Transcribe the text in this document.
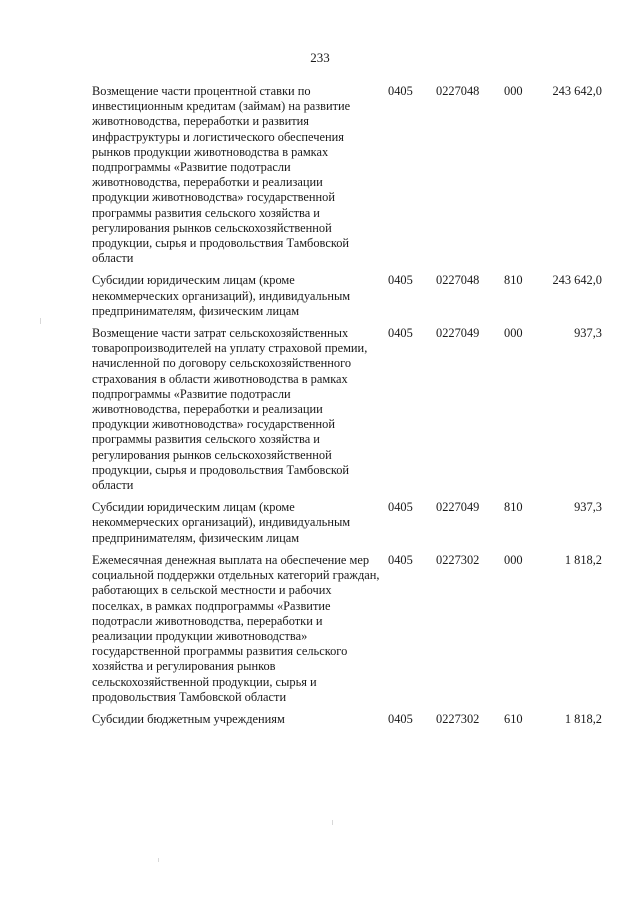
233
Возмещение части процентной ставки по инвестиционным кредитам (займам) на развитие животноводства, переработки и развития инфраструктуры и логистического обеспечения рынков продукции животноводства в рамках подпрограммы «Развитие подотрасли животноводства, переработки и реализации продукции животноводства» государственной программы развития сельского хозяйства и регулирования рынков сельскохозяйственной продукции, сырья и продовольствия Тамбовской области	0405	0227048	000	243 642,0
Субсидии юридическим лицам (кроме некоммерческих организаций), индивидуальным предпринимателям, физическим лицам	0405	0227048	810	243 642,0
Возмещение части затрат сельскохозяйственных товаропроизводителей на уплату страховой премии, начисленной по договору сельскохозяйственного страхования в области животноводства в рамках подпрограммы «Развитие подотрасли животноводства, переработки и реализации продукции животноводства» государственной программы развития сельского хозяйства и регулирования рынков сельскохозяйственной продукции, сырья и продовольствия Тамбовской области	0405	0227049	000	937,3
Субсидии юридическим лицам (кроме некоммерческих организаций), индивидуальным предпринимателям, физическим лицам	0405	0227049	810	937,3
Ежемесячная денежная выплата на обеспечение мер социальной поддержки отдельных категорий граждан, работающих в сельской местности и рабочих поселках, в рамках подпрограммы «Развитие подотрасли животноводства, переработки и реализации продукции животноводства» государственной программы развития сельского хозяйства и регулирования рынков сельскохозяйственной продукции, сырья и продовольствия Тамбовской области	0405	0227302	000	1 818,2
Субсидии бюджетным учреждениям	0405	0227302	610	1 818,2
